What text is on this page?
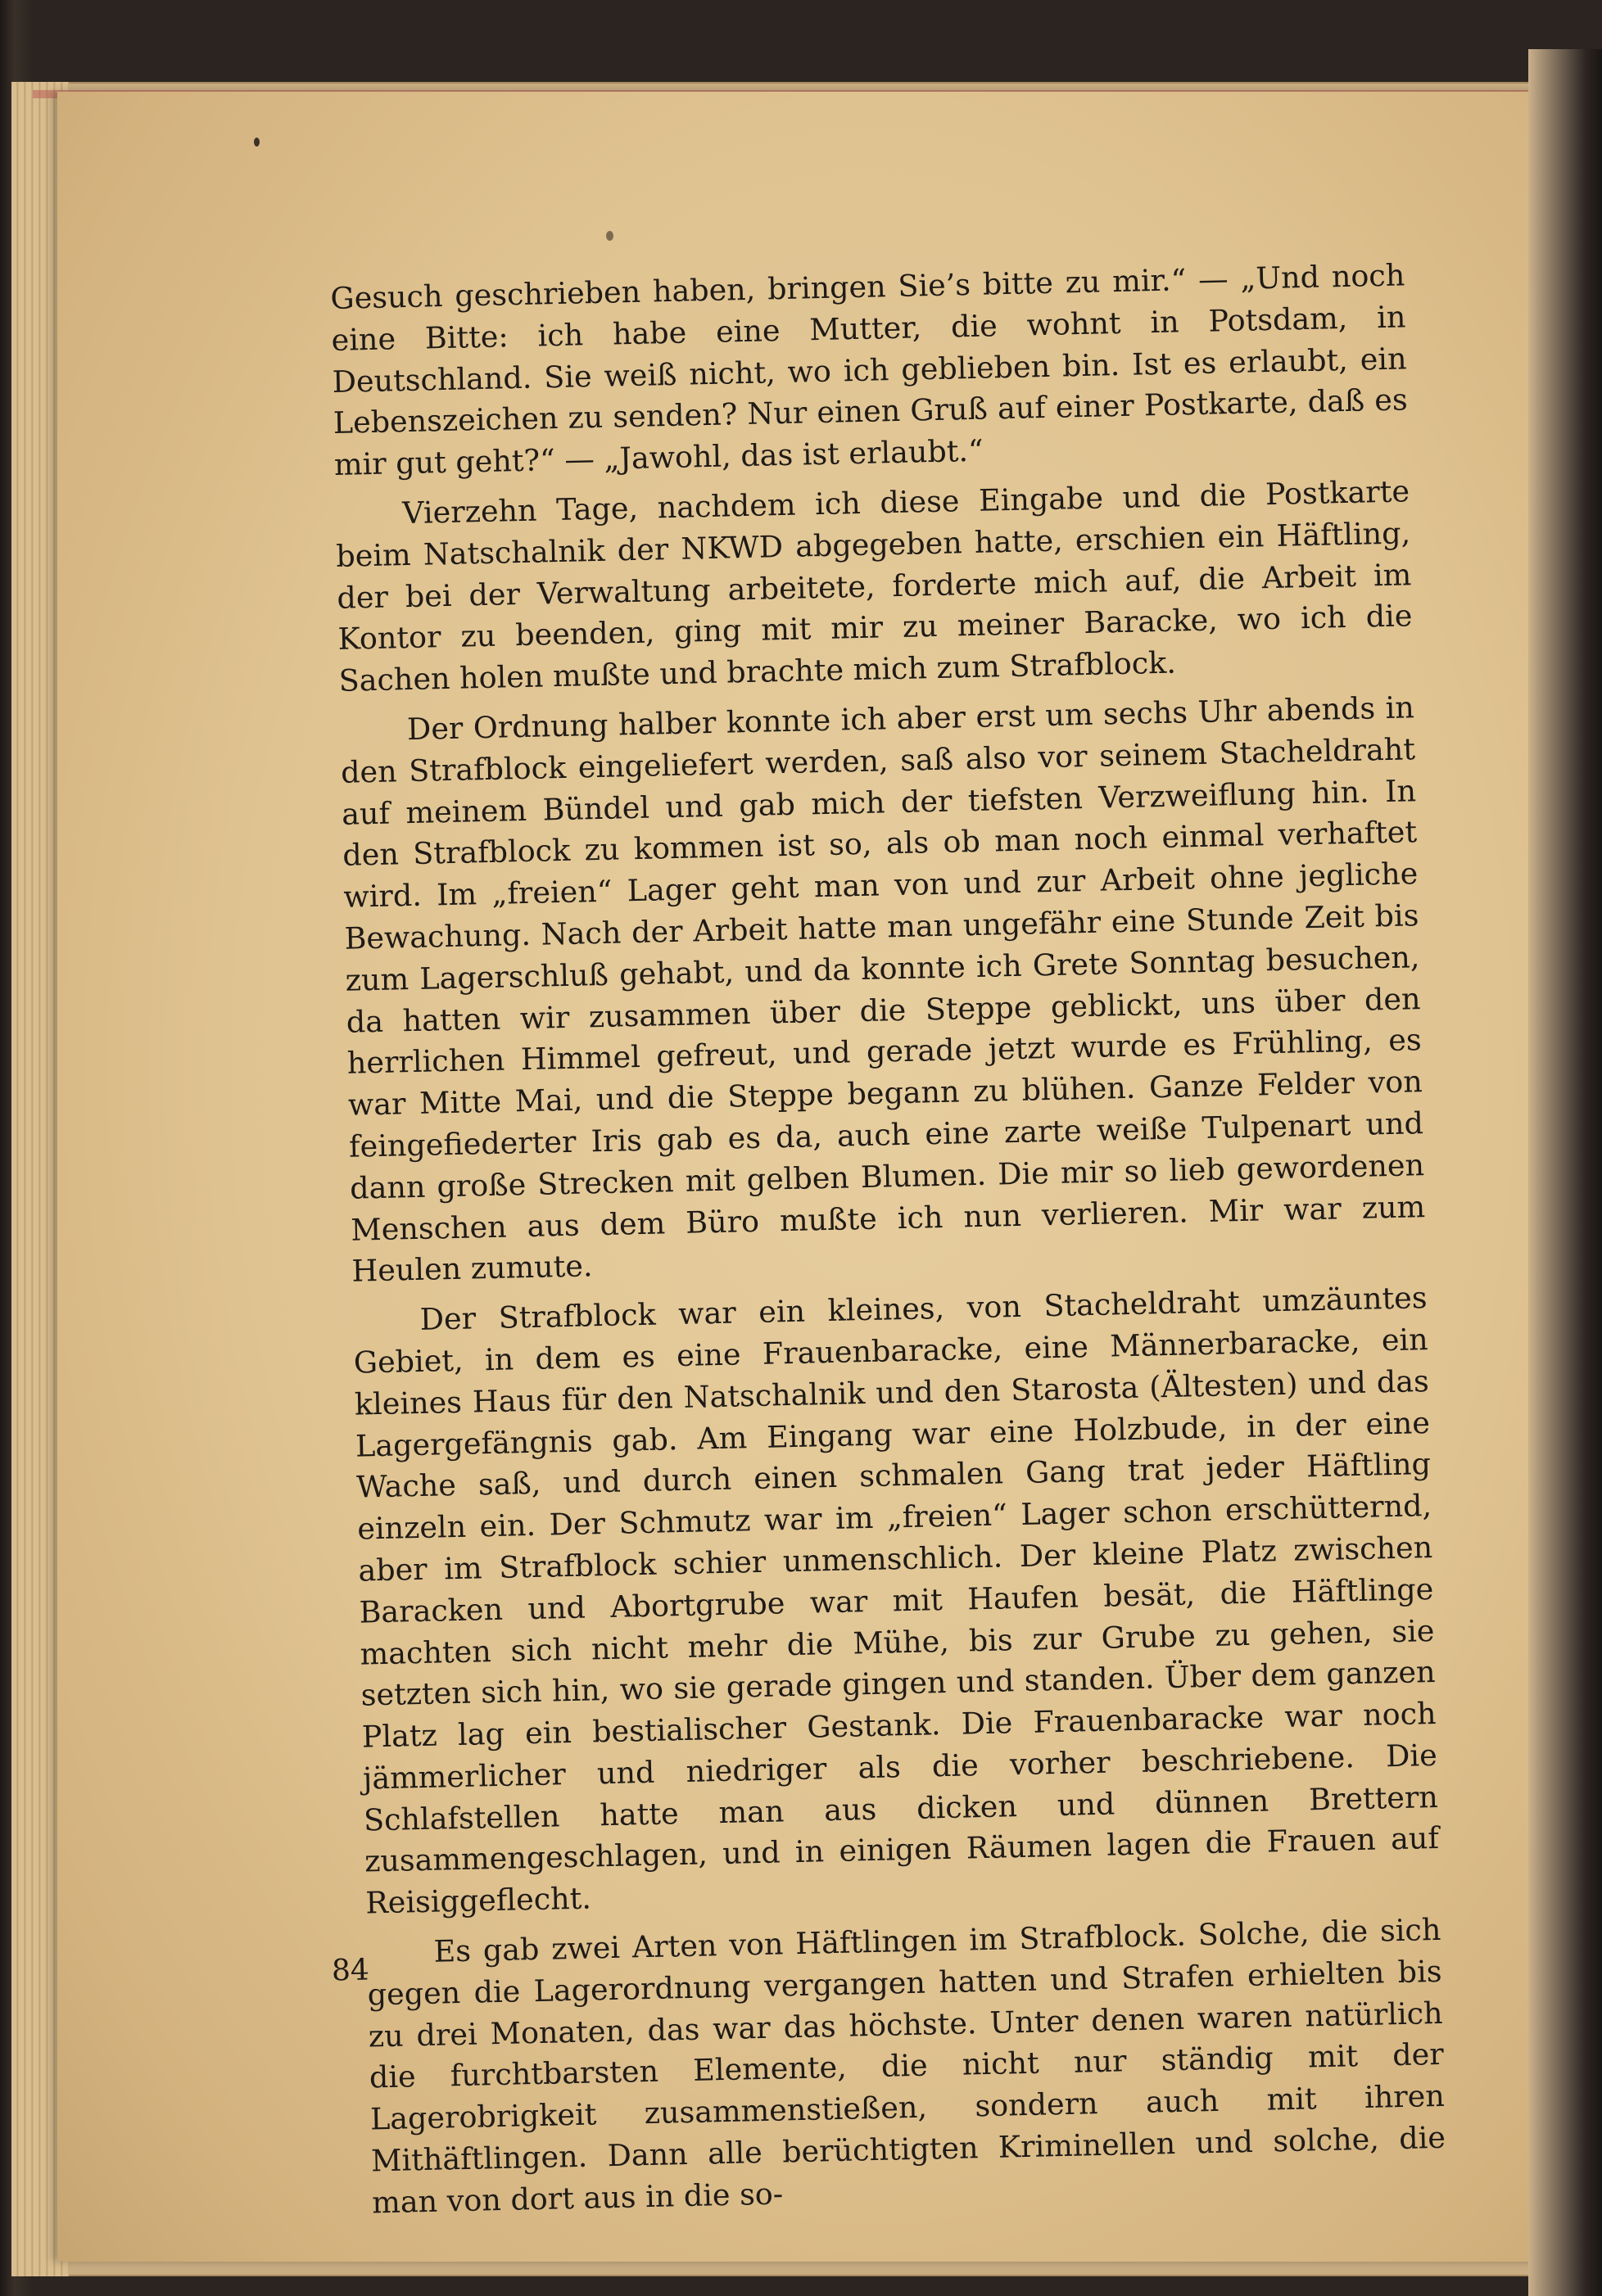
Gesuch geschrieben haben, bringen Sie’s bitte zu mir.“ — „Und noch eine Bitte: ich habe eine Mutter, die wohnt in Potsdam, in Deutschland. Sie weiß nicht, wo ich geblieben bin. Ist es erlaubt, ein Lebenszeichen zu senden? Nur einen Gruß auf einer Postkarte, daß es mir gut geht?“ — „Jawohl, das ist erlaubt.“

Vierzehn Tage, nachdem ich diese Eingabe und die Postkarte beim Natschalnik der NKWD abgegeben hatte, erschien ein Häftling, der bei der Verwaltung arbeitete, forderte mich auf, die Arbeit im Kontor zu beenden, ging mit mir zu meiner Baracke, wo ich die Sachen holen mußte und brachte mich zum Strafblock.

Der Ordnung halber konnte ich aber erst um sechs Uhr abends in den Strafblock eingeliefert werden, saß also vor seinem Stacheldraht auf meinem Bündel und gab mich der tiefsten Verzweiflung hin. In den Strafblock zu kommen ist so, als ob man noch einmal verhaftet wird. Im „freien“ Lager geht man von und zur Arbeit ohne jegliche Bewachung. Nach der Arbeit hatte man ungefähr eine Stunde Zeit bis zum Lagerschluß gehabt, und da konnte ich Grete Sonntag besuchen, da hatten wir zusammen über die Steppe geblickt, uns über den herrlichen Himmel gefreut, und gerade jetzt wurde es Frühling, es war Mitte Mai, und die Steppe begann zu blühen. Ganze Felder von feingefiederter Iris gab es da, auch eine zarte weiße Tulpenart und dann große Strecken mit gelben Blumen. Die mir so lieb gewordenen Menschen aus dem Büro mußte ich nun verlieren. Mir war zum Heulen zumute.

Der Strafblock war ein kleines, von Stacheldraht umzäuntes Gebiet, in dem es eine Frauenbaracke, eine Männerbaracke, ein kleines Haus für den Natschalnik und den Starosta (Ältesten) und das Lagergefängnis gab. Am Eingang war eine Holzbude, in der eine Wache saß, und durch einen schmalen Gang trat jeder Häftling einzeln ein. Der Schmutz war im „freien“ Lager schon erschütternd, aber im Strafblock schier unmenschlich. Der kleine Platz zwischen Baracken und Abortgrube war mit Haufen besät, die Häftlinge machten sich nicht mehr die Mühe, bis zur Grube zu gehen, sie setzten sich hin, wo sie gerade gingen und standen. Über dem ganzen Platz lag ein bestialischer Gestank. Die Frauenbaracke war noch jämmerlicher und niedriger als die vorher beschriebene. Die Schlafstellen hatte man aus dicken und dünnen Brettern zusammengeschlagen, und in einigen Räumen lagen die Frauen auf Reisiggeflecht.

Es gab zwei Arten von Häftlingen im Strafblock. Solche, die sich gegen die Lagerordnung vergangen hatten und Strafen erhielten bis zu drei Monaten, das war das höchste. Unter denen waren natürlich die furchtbarsten Elemente, die nicht nur ständig mit der Lagerobrigkeit zusammenstießen, sondern auch mit ihren Mithäftlingen. Dann alle berüchtigten Kriminellen und solche, die man von dort aus in die so-

84
